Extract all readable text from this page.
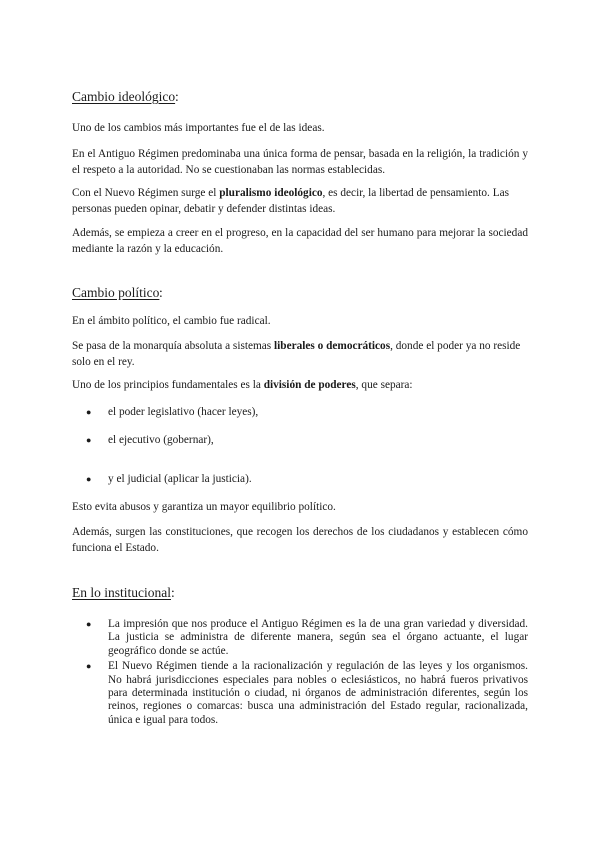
Cambio ideológico :

Uno de los cambios más importantes fue el de las ideas.

En el Antiguo Régimen predominaba una única forma de pensar, basada en la religión, la tradición y el respeto a la autoridad. No se cuestionaban las normas establecidas.

Con el Nuevo Régimen surge el pluralismo ideológico, es decir, la libertad de pensamiento. Las personas pueden opinar, debatir y defender distintas ideas.

Además, se empieza a creer en el progreso, en la capacidad del ser humano para mejorar la sociedad mediante la razón y la educación.

Cambio político :

En el ámbito político, el cambio fue radical.

Se pasa de la monarquía absoluta a sistemas liberales o democráticos, donde el poder ya no reside solo en el rey.

Uno de los principios fundamentales es la división de poderes, que separa:

● el poder legislativo (hacer leyes),
● el ejecutivo (gobernar),
● y el judicial (aplicar la justicia).

Esto evita abusos y garantiza un mayor equilibrio político.

Además, surgen las constituciones, que recogen los derechos de los ciudadanos y establecen cómo funciona el Estado.

En lo institucional :
● La impresión que nos produce el Antiguo Régimen es la de una gran variedad y diversidad. La justicia se administra de diferente manera, según sea el órgano actuante, el lugar geográfico donde se actúe.
● El Nuevo Régimen tiende a la racionalización y regulación de las leyes y los organismos. No habrá jurisdicciones especiales para nobles o eclesiásticos, no habrá fueros privativos para determinada institución o ciudad, ni órganos de administración diferentes, según los reinos, regiones o comarcas: busca una administración del Estado regular, racionalizada, única e igual para todos.
